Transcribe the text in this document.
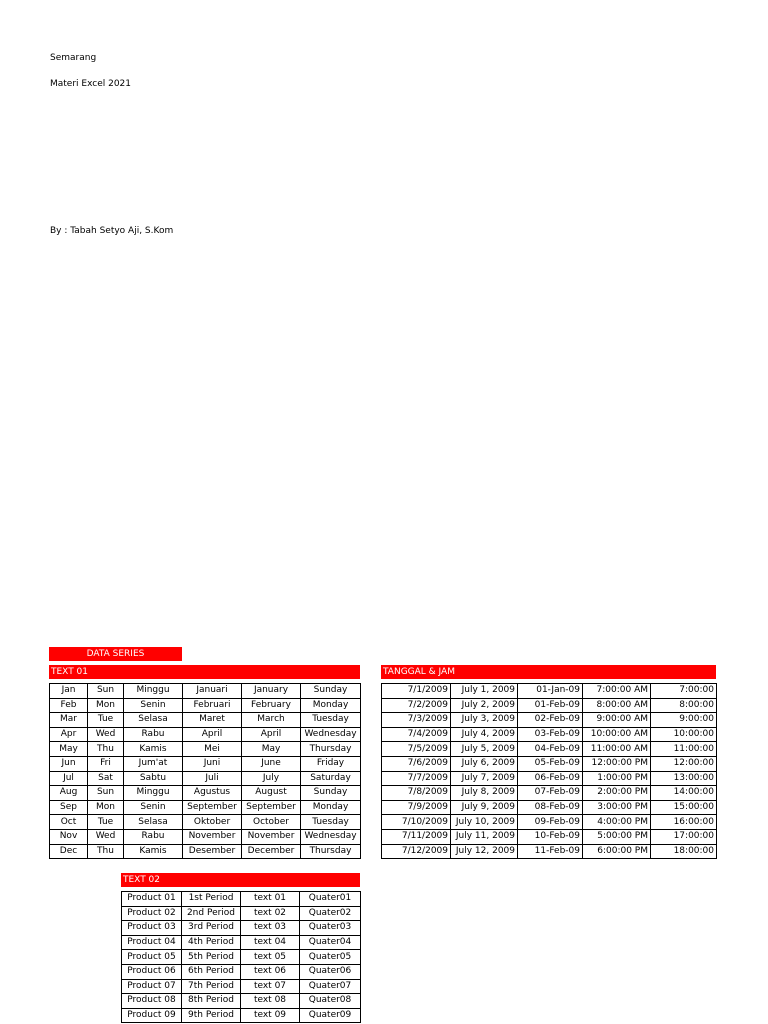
Semarang
Materi Excel 2021
By : Tabah Setyo Aji, S.Kom
DATA SERIES
TEXT 01
Jan	Sun	Minggu	Januari	January	Sunday
Feb	Mon	Senin	Februari	February	Monday
Mar	Tue	Selasa	Maret	March	Tuesday
Apr	Wed	Rabu	April	April	Wednesday
May	Thu	Kamis	Mei	May	Thursday
Jun	Fri	Jum'at	Juni	June	Friday
Jul	Sat	Sabtu	Juli	July	Saturday
Aug	Sun	Minggu	Agustus	August	Sunday
Sep	Mon	Senin	September	September	Monday
Oct	Tue	Selasa	Oktober	October	Tuesday
Nov	Wed	Rabu	November	November	Wednesday
Dec	Thu	Kamis	Desember	December	Thursday
TANGGAL & JAM
7/1/2009	July 1, 2009	01-Jan-09	7:00:00 AM	7:00:00
7/2/2009	July 2, 2009	01-Feb-09	8:00:00 AM	8:00:00
7/3/2009	July 3, 2009	02-Feb-09	9:00:00 AM	9:00:00
7/4/2009	July 4, 2009	03-Feb-09	10:00:00 AM	10:00:00
7/5/2009	July 5, 2009	04-Feb-09	11:00:00 AM	11:00:00
7/6/2009	July 6, 2009	05-Feb-09	12:00:00 PM	12:00:00
7/7/2009	July 7, 2009	06-Feb-09	1:00:00 PM	13:00:00
7/8/2009	July 8, 2009	07-Feb-09	2:00:00 PM	14:00:00
7/9/2009	July 9, 2009	08-Feb-09	3:00:00 PM	15:00:00
7/10/2009	July 10, 2009	09-Feb-09	4:00:00 PM	16:00:00
7/11/2009	July 11, 2009	10-Feb-09	5:00:00 PM	17:00:00
7/12/2009	July 12, 2009	11-Feb-09	6:00:00 PM	18:00:00
TEXT 02
Product 01	1st Period	text 01	Quater01
Product 02	2nd Period	text 02	Quater02
Product 03	3rd Period	text 03	Quater03
Product 04	4th Period	text 04	Quater04
Product 05	5th Period	text 05	Quater05
Product 06	6th Period	text 06	Quater06
Product 07	7th Period	text 07	Quater07
Product 08	8th Period	text 08	Quater08
Product 09	9th Period	text 09	Quater09
